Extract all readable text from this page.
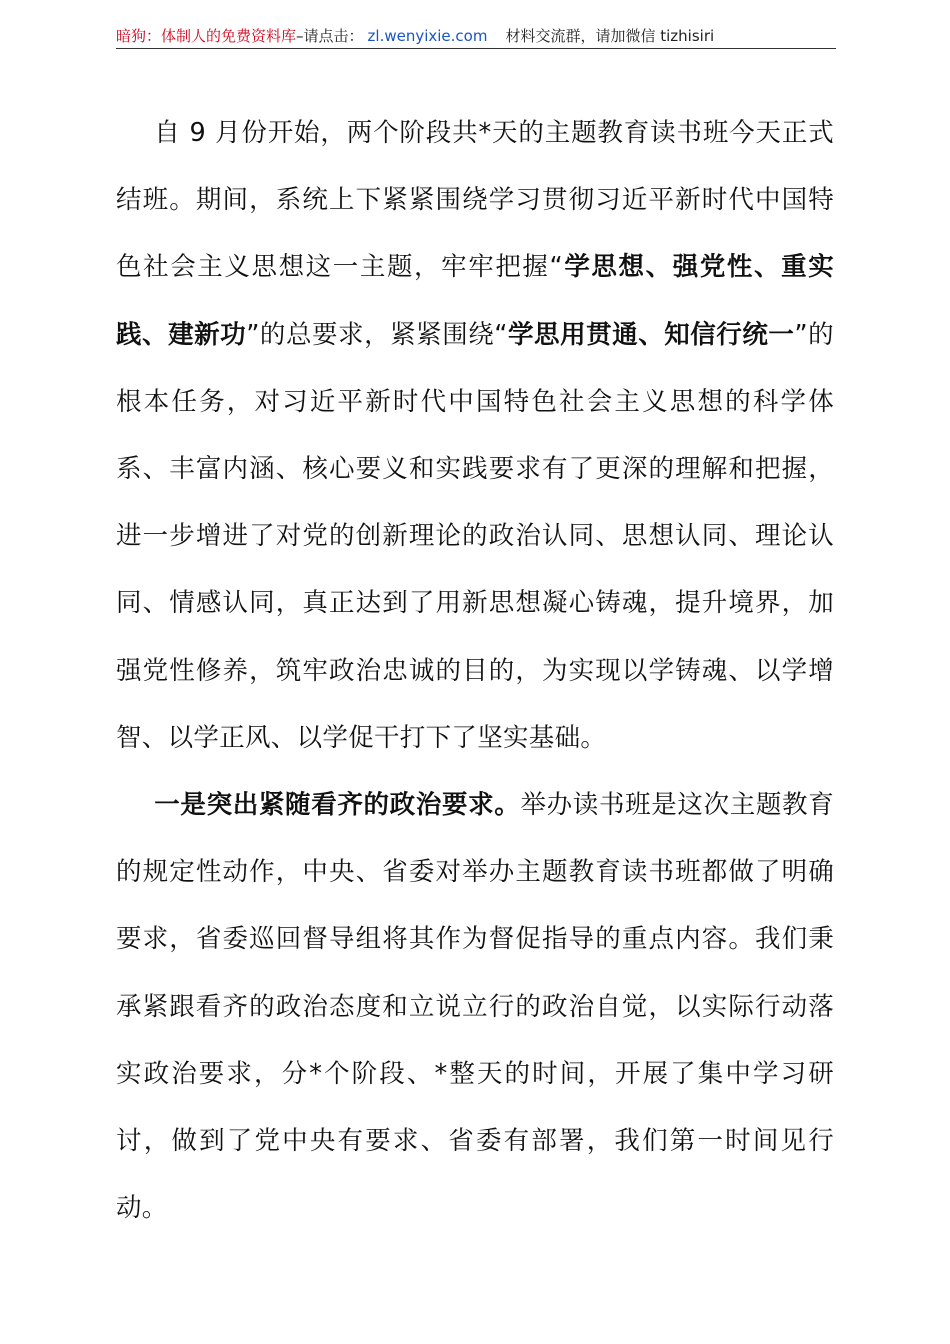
暗狗：体制人的免费资料库–请点击： zl.wenyixie.com 材料交流群，请加微信 tizhisiri

自 9 月份开始，两个阶段共*天的主题教育读书班今天正式结班。期间，系统上下紧紧围绕学习贯彻习近平新时代中国特色社会主义思想这一主题，牢牢把握“学思想、强党性、重实践、建新功”的总要求，紧紧围绕“学思用贯通、知信行统一”的根本任务，对习近平新时代中国特色社会主义思想的科学体系、丰富内涵、核心要义和实践要求有了更深的理解和把握，进一步增进了对党的创新理论的政治认同、思想认同、理论认同、情感认同，真正达到了用新思想凝心铸魂，提升境界，加强党性修养，筑牢政治忠诚的目的，为实现以学铸魂、以学增智、以学正风、以学促干打下了坚实基础。

一是突出紧随看齐的政治要求。举办读书班是这次主题教育的规定性动作，中央、省委对举办主题教育读书班都做了明确要求，省委巡回督导组将其作为督促指导的重点内容。我们秉承紧跟看齐的政治态度和立说立行的政治自觉，以实际行动落实政治要求，分*个阶段、*整天的时间，开展了集中学习研讨，做到了党中央有要求、省委有部署，我们第一时间见行动。
